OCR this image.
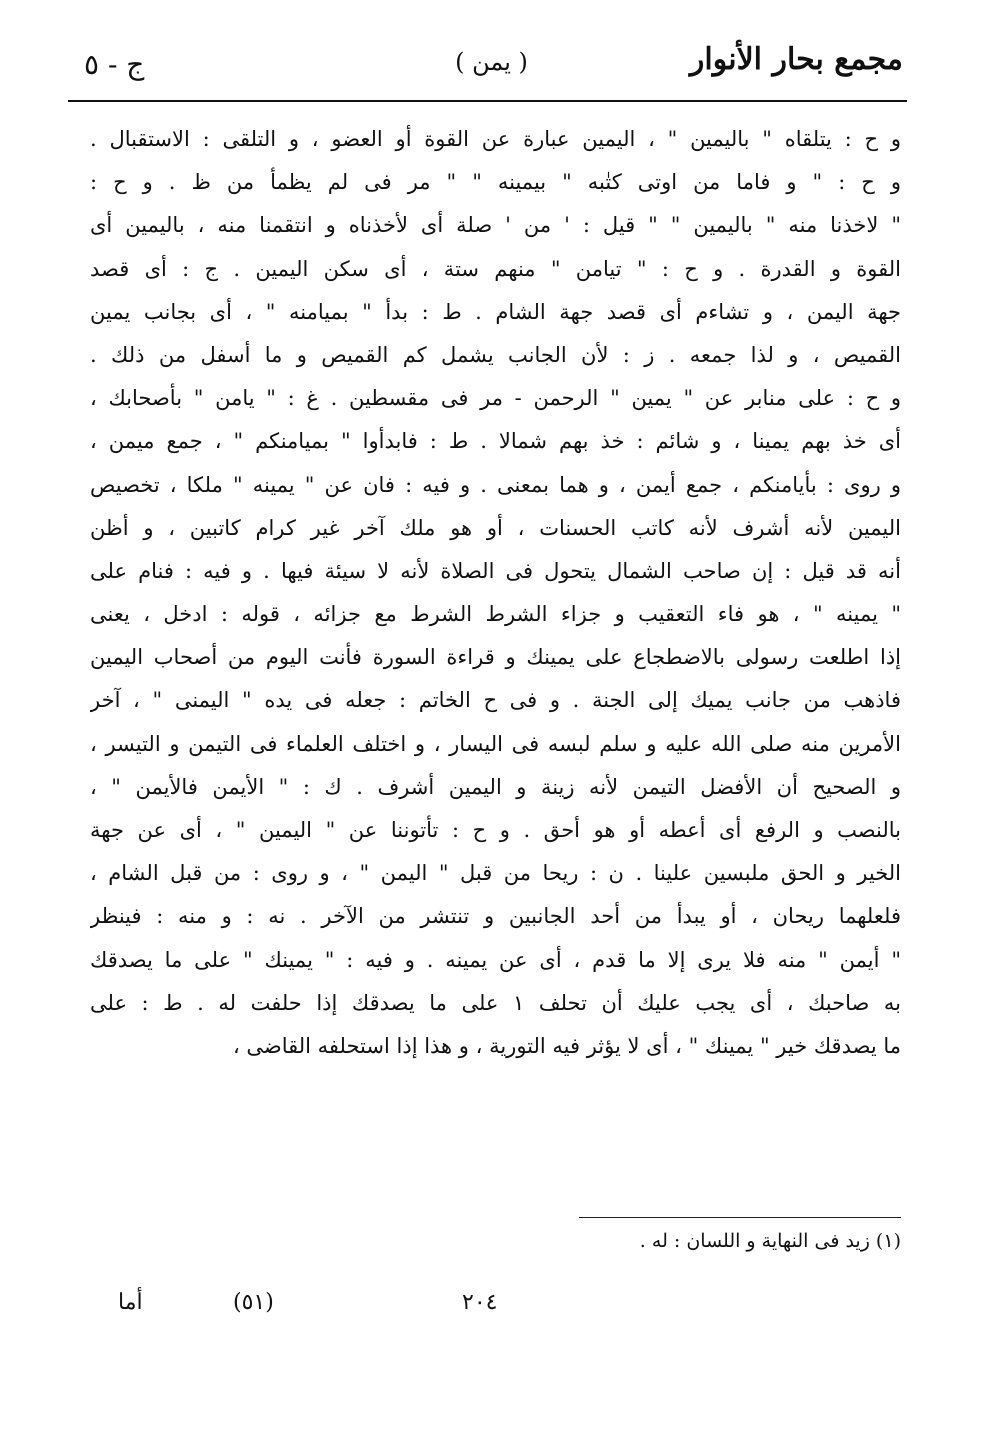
مجمع بحار الأنوار
( يمن )
ج - ٥
و ح : يتلقاه " باليمين " ، اليمين عبارة عن القوة أو العضو ، و التلقى : الاستقبال .
و ح : " و فاما من اوتى كتٰبه " بيمينه " " مر فى لم يظمأ من ظ . و ح :
" لاخذنا منه " باليمين " " قيل : ' من ' صلة أى لأخذناه و انتقمنا منه ، باليمين أى
القوة و القدرة . و ح : " تيامن " منهم ستة ، أى سكن اليمين . ج : أى قصد
جهة اليمن ، و تشاءم أى قصد جهة الشام . ط : بدأ " بميامنه " ، أى بجانب يمين
القميص ، و لذا جمعه . ز : لأن الجانب يشمل كم القميص و ما أسفل من ذلك .
و ح : على منابر عن " يمين " الرحمن - مر فى مقسطين . غ : " يامن " بأصحابك ،
أى خذ بهم يمينا ، و شائم : خذ بهم شمالا . ط : فابدأوا " بميامنكم " ، جمع ميمن ،
و روى : بأيامنكم ، جمع أيمن ، و هما بمعنى . و فيه : فان عن " يمينه " ملكا ، تخصيص
اليمين لأنه أشرف لأنه كاتب الحسنات ، أو هو ملك آخر غير كرام كاتبين ، و أظن
أنه قد قيل : إن صاحب الشمال يتحول فى الصلاة لأنه لا سيئة فيها . و فيه : فنام على
" يمينه " ، هو فاء التعقيب و جزاء الشرط الشرط مع جزائه ، قوله : ادخل ، يعنى
إذا اطلعت رسولى بالاضطجاع على يمينك و قراءة السورة فأنت اليوم من أصحاب اليمين
فاذهب من جانب يميك إلى الجنة . و فى ح الخاتم : جعله فى يده " اليمنى " ، آخر
الأمرين منه صلى الله عليه و سلم لبسه فى اليسار ، و اختلف العلماء فى التيمن و التيسر ،
و الصحيح أن الأفضل التيمن لأنه زينة و اليمين أشرف . ك : " الأيمن فالأيمن " ،
بالنصب و الرفع أى أعطه أو هو أحق . و ح : تأتوننا عن " اليمين " ، أى عن جهة
الخير و الحق ملبسين علينا . ن : ريحا من قبل " اليمن " ، و روى : من قبل الشام ،
فلعلهما ريحان ، أو يبدأ من أحد الجانبين و تنتشر من الآخر . نه : و منه : فينظر
" أيمن " منه فلا يرى إلا ما قدم ، أى عن يمينه . و فيه : " يمينك " على ما يصدقك
به صاحبك ، أى يجب عليك أن تحلف ١ على ما يصدقك إذا حلفت له . ط : على
ما يصدقك خير " يمينك " ، أى لا يؤثر فيه التورية ، و هذا إذا استحلفه القاضى ،
(١) زيد فى النهاية و اللسان : له .
٢٠٤
(٥١)
أما
